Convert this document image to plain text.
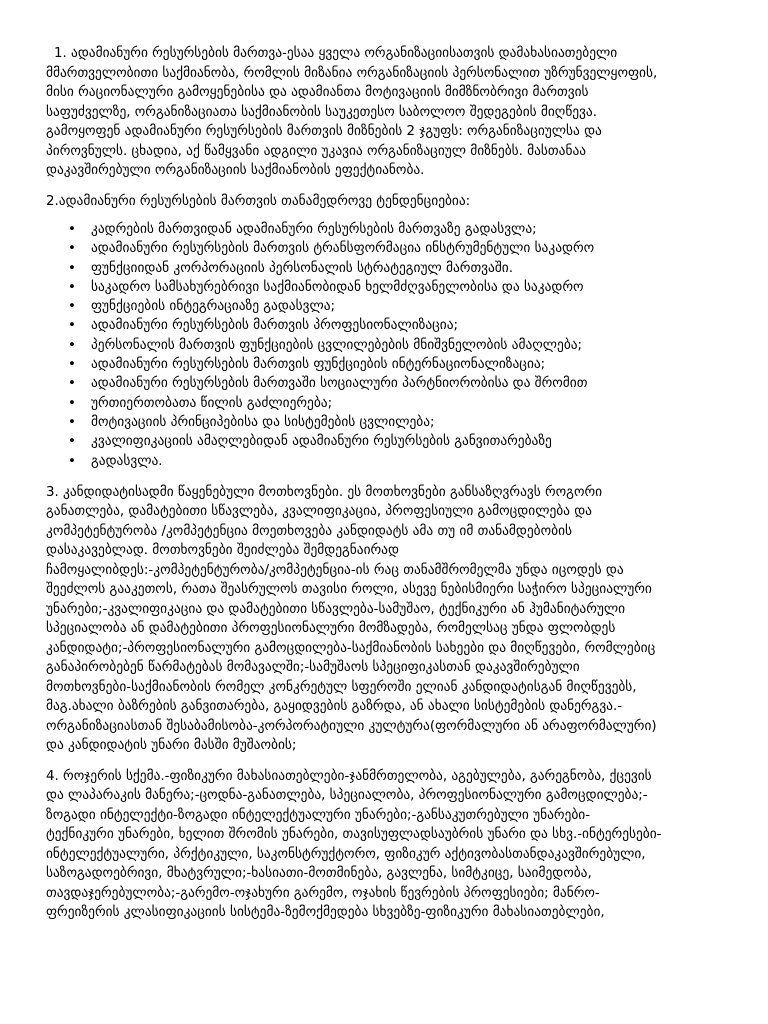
1. ადამიანური რესურსების მართვა-ესაა ყველა ორგანიზაციისათვის დამახასიათებელი
მმართველობითი საქმიანობა, რომლის მიზანია ორგანიზაციის პერსონალით უზრუნველყოფის,
მისი რაციონალური გამოყენებისა და ადამიანთა მოტივაციის მიმზნობრივი მართვის
საფუძველზე, ორგანიზაციათა საქმიანობის საუკეთესო საბოლოო შედეგების მიღწევა.
გამოყოფენ ადამიანური რესურსების მართვის მიზნების 2 ჯგუფს: ორგანიზაციულსა და
პიროვნულს. ცხადია, აქ წამყვანი ადგილი უკავია ორგანიზაციულ მიზნებს. მასთანაა
დაკავშირებული ორგანიზაციის საქმიანობის ეფექტიანობა.
2.ადამიანური რესურსების მართვის თანამედროვე ტენდენციებია:
• კადრების მართვიდან ადამიანური რესურსების მართვაზე გადასვლა;
• ადამიანური რესურსების მართვის ტრანსფორმაცია ინსტრუმენტული საკადრო
• ფუნქციიდან კორპორაციის პერსონალის სტრატეგიულ მართვაში.
• საკადრო სამსახურებრივი საქმიანობიდან ხელმძღვანელობისა და საკადრო
• ფუნქციების ინტეგრაციაზე გადასვლა;
• ადამიანური რესურსების მართვის პროფესიონალიზაცია;
• პერსონალის მართვის ფუნქციების ცვლილებების მნიშვნელობის ამაღლება;
• ადამიანური რესურსების მართვის ფუნქციების ინტერნაციონალიზაცია;
• ადამიანური რესურსების მართვაში სოციალური პარტნიორობისა და შრომით
• ურთიერთობათა წილის გაძლიერება;
• მოტივაციის პრინციპებისა და სისტემების ცვლილება;
• კვალიფიკაციის ამაღლებიდან ადამიანური რესურსების განვითარებაზე
• გადასვლა.
3. კანდიდატისადმი წაყენებული მოთხოვნები. ეს მოთხოვნები განსაზღვრავს როგორი
განათლება, დამატებითი სწავლება, კვალიფიკაცია, პროფესიული გამოცდილება და
კომპეტენტურობა /კომპეტენცია მოეთხოვება კანდიდატს ამა თუ იმ თანამდებობის
დასაკავებლად. მოთხოვნები შეიძლება შემდეგნაირად
ჩამოყალიბდეს:-კომპეტენტურობა/კომპეტენცია-ის რაც თანამშრომელმა უნდა იცოდეს და
შეეძლოს გააკეთოს, რათა შეასრულოს თავისი როლი, ასევე ნებისმიერი საჭირო სპეციალური
უნარები;-კვალიფიკაცია და დამატებითი სწავლება-სამუშაო, ტექნიკური ან ჰუმანიტარული
სპეციალობა ან დამატებითი პროფესიონალური მომზადება, რომელსაც უნდა ფლობდეს
კანდიდატი;-პროფესიონალური გამოცდილება-საქმიანობის სახეები და მიღწევები, რომლებიც
განაპირობებენ წარმატებას მომავალში;-სამუშაოს სპეციფიკასთან დაკავშირებული
მოთხოვნები-საქმიანობის რომელ კონკრეტულ სფეროში ელიან კანდიდატისგან მიღწევებს,
მაგ.ახალი ბაზრების განვითარება, გაყიდვების გაზრდა, ან ახალი სისტემების დანერგვა.-
ორგანიზაციასთან შესაბამისობა-კორპორატიული კულტურა(ფორმალური ან არაფორმალური)
და კანდიდატის უნარი მასში მუშაობის;
4. როჯერის სქემა.-ფიზიკური მახასიათებლები-ჯანმრთელობა, აგებულება, გარეგნობა, ქცევის
და ლაპარაკის მანერა;-ცოდნა-განათლება, სპეციალობა, პროფესიონალური გამოცდილება;-
ზოგადი ინტელექტი-ზოგადი ინტელექტუალური უნარები;-განსაკუთრებული უნარები-
ტექნიკური უნარები, ხელით შრომის უნარები, თავისუფლადსაუბრის უნარი და სხვ.-ინტერესები-
ინტელექტუალური, პრქტიკული, საკონსტრუქტორო, ფიზიკურ აქტივობასთანდაკავშირებული,
საზოგადოებრივი, მხატვრული;-ხასიათი-მოთმინება, გავლენა, სიმტკიცე, საიმედობა,
თავდაჯერებულობა;-გარემო-ოჯახური გარემო, ოჯახის წევრების პროფესიები; მანრო-
ფრეიზერის კლასიფიკაციის სისტემა-ზემოქმედება სხვებზე-ფიზიკური მახასიათებლები,
